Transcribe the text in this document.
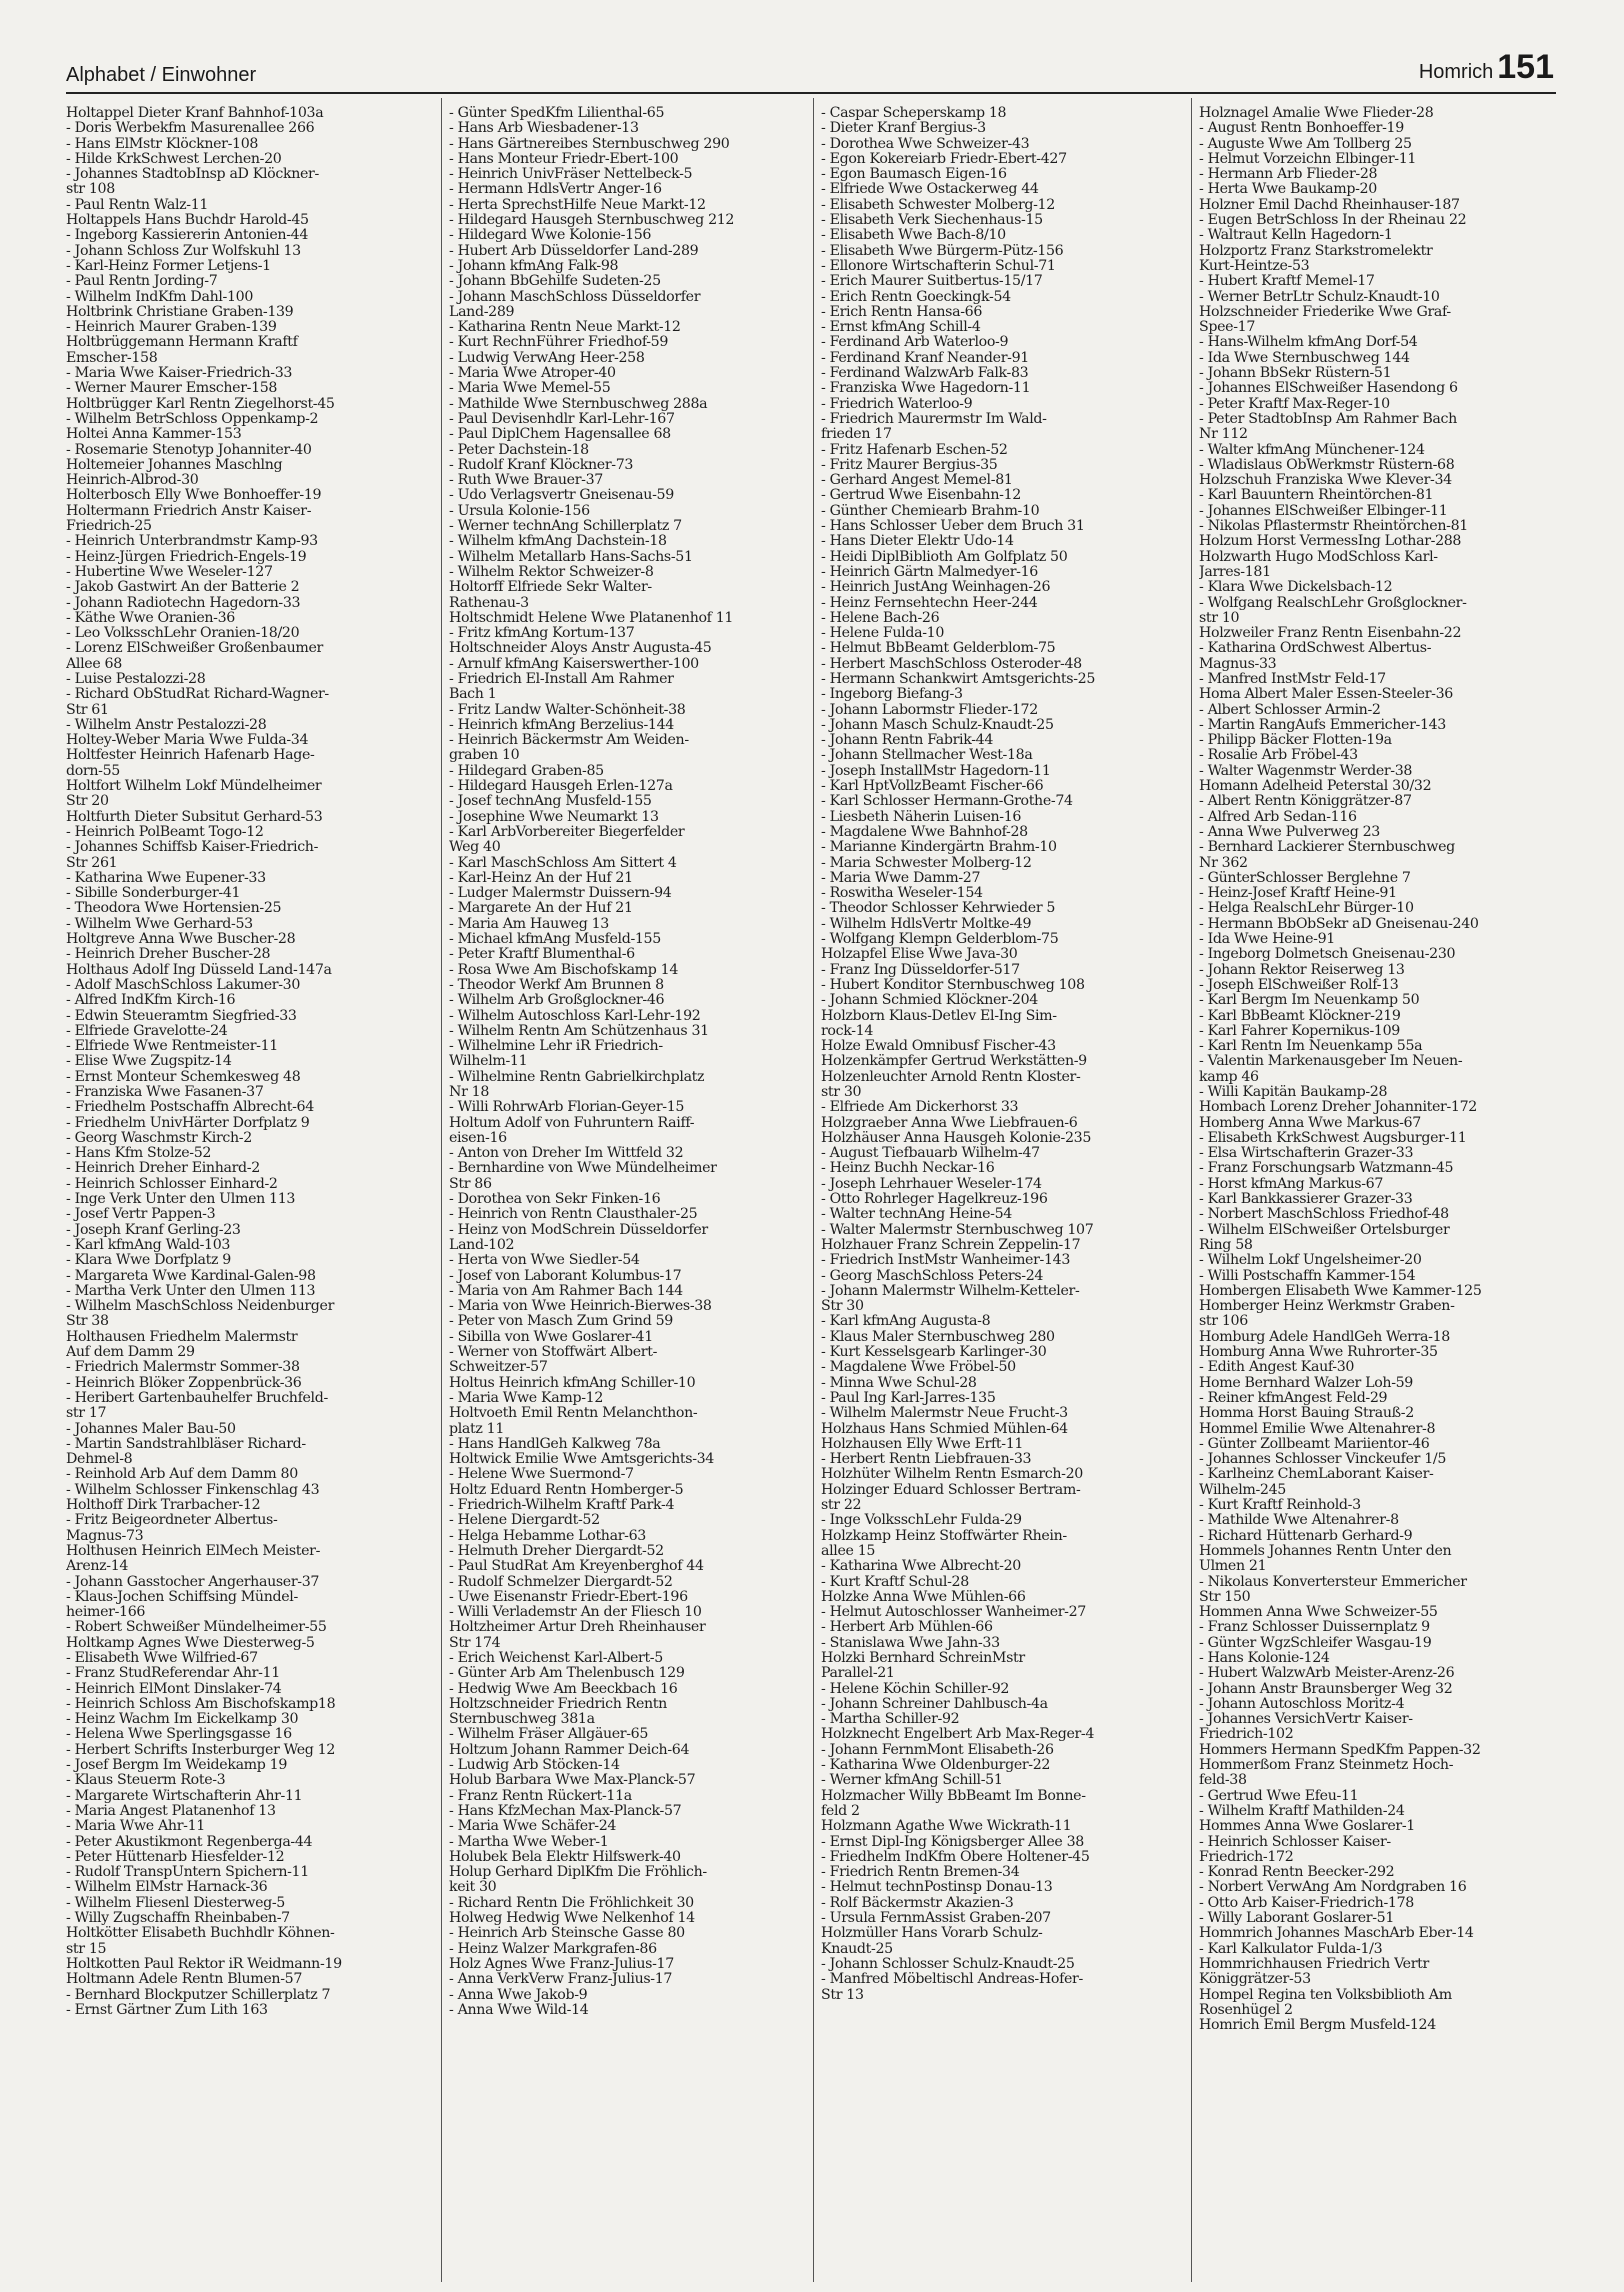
Alphabet / Einwohner	Homrich 151
Holtappel Dieter Kranf Bahnhof-103a
- Doris Werbekfm Masurenallee 266
- Hans ElMstr Klöckner-108
- Hilde KrkSchwest Lerchen-20
- Johannes StadtobInsp aD Klöckner-
str 108
- Paul Rentn Walz-11
Holtappels Hans Buchdr Harold-45
- Ingeborg Kassiererin Antonien-44
- Johann Schloss Zur Wolfskuhl 13
- Karl-Heinz Former Letjens-1
- Paul Rentn Jording-7
- Wilhelm IndKfm Dahl-100
Holtbrink Christiane Graben-139
- Heinrich Maurer Graben-139
Holtbrüggemann Hermann Kraftf
Emscher-158
- Maria Wwe Kaiser-Friedrich-33
- Werner Maurer Emscher-158
Holtbrügger Karl Rentn Ziegelhorst-45
- Wilhelm BetrSchloss Oppenkamp-2
Holtei Anna Kammer-153
- Rosemarie Stenotyp Johanniter-40
Holtemeier Johannes Maschlng
Heinrich-Albrod-30
Holterbosch Elly Wwe Bonhoeffer-19
Holtermann Friedrich Anstr Kaiser-
Friedrich-25
- Heinrich Unterbrandmstr Kamp-93
- Heinz-Jürgen Friedrich-Engels-19
- Hubertine Wwe Weseler-127
- Jakob Gastwirt An der Batterie 2
- Johann Radiotechn Hagedorn-33
- Käthe Wwe Oranien-36
- Leo VolksschLehr Oranien-18/20
- Lorenz ElSchweißer Großenbaumer
Allee 68
- Luise Pestalozzi-28
- Richard ObStudRat Richard-Wagner-
Str 61
- Wilhelm Anstr Pestalozzi-28
Holtey-Weber Maria Wwe Fulda-34
Holtfester Heinrich Hafenarb Hage-
dorn-55
Holtfort Wilhelm Lokf Mündelheimer
Str 20
Holtfurth Dieter Subsitut Gerhard-53
- Heinrich PolBeamt Togo-12
- Johannes Schiffsb Kaiser-Friedrich-
Str 261
- Katharina Wwe Eupener-33
- Sibille Sonderburger-41
- Theodora Wwe Hortensien-25
- Wilhelm Wwe Gerhard-53
Holtgreve Anna Wwe Buscher-28
- Heinrich Dreher Buscher-28
Holthaus Adolf Ing Düsseld Land-147a
- Adolf MaschSchloss Lakumer-30
- Alfred IndKfm Kirch-16
- Edwin Steueramtm Siegfried-33
- Elfriede Gravelotte-24
- Elfriede Wwe Rentmeister-11
- Elise Wwe Zugspitz-14
- Ernst Monteur Schemkesweg 48
- Franziska Wwe Fasanen-37
- Friedhelm Postschaffn Albrecht-64
- Friedhelm UnivHärter Dorfplatz 9
- Georg Waschmstr Kirch-2
- Hans Kfm Stolze-52
- Heinrich Dreher Einhard-2
- Heinrich Schlosser Einhard-2
- Inge Verk Unter den Ulmen 113
- Josef Vertr Pappen-3
- Joseph Kranf Gerling-23
- Karl kfmAng Wald-103
- Klara Wwe Dorfplatz 9
- Margareta Wwe Kardinal-Galen-98
- Martha Verk Unter den Ulmen 113
- Wilhelm MaschSchloss Neidenburger
Str 38
Holthausen Friedhelm Malermstr
Auf dem Damm 29
- Friedrich Malermstr Sommer-38
- Heinrich Blöker Zoppenbrück-36
- Heribert Gartenbauhelfer Bruchfeld-
str 17
- Johannes Maler Bau-50
- Martin Sandstrahlbläser Richard-
Dehmel-8
- Reinhold Arb Auf dem Damm 80
- Wilhelm Schlosser Finkenschlag 43
Holthoff Dirk Trarbacher-12
- Fritz Beigeordneter Albertus-
Magnus-73
Holthusen Heinrich ElMech Meister-
Arenz-14
- Johann Gasstocher Angerhauser-37
- Klaus-Jochen Schiffsing Mündel-
heimer-166
- Robert Schweißer Mündelheimer-55
Holtkamp Agnes Wwe Diesterweg-5
- Elisabeth Wwe Wilfried-67
- Franz StudReferendar Ahr-11
- Heinrich ElMont Dinslaker-74
- Heinrich Schloss Am Bischofskamp18
- Heinz Wachm Im Eickelkamp 30
- Helena Wwe Sperlingsgasse 16
- Herbert Schrifts Insterburger Weg 12
- Josef Bergm Im Weidekamp 19
- Klaus Steuerm Rote-3
- Margarete Wirtschafterin Ahr-11
- Maria Angest Platanenhof 13
- Maria Wwe Ahr-11
- Peter Akustikmont Regenberga-44
- Peter Hüttenarb Hiesfelder-12
- Rudolf TranspUntern Spichern-11
- Wilhelm ElMstr Harnack-36
- Wilhelm Fliesenl Diesterweg-5
- Willy Zugschaffn Rheinbaben-7
Holtkötter Elisabeth Buchhdlr Köhnen-
str 15
Holtkotten Paul Rektor iR Weidmann-19
Holtmann Adele Rentn Blumen-57
- Bernhard Blockputzer Schillerplatz 7
- Ernst Gärtner Zum Lith 163
- Günter SpedKfm Lilienthal-65
- Hans Arb Wiesbadener-13
- Hans Gärtnereibes Sternbuschweg 290
- Hans Monteur Friedr-Ebert-100
- Heinrich UnivFräser Nettelbeck-5
- Hermann HdlsVertr Anger-16
- Herta SprechstHilfe Neue Markt-12
- Hildegard Hausgeh Sternbuschweg 212
- Hildegard Wwe Kolonie-156
- Hubert Arb Düsseldorfer Land-289
- Johann kfmAng Falk-98
- Johann BbGehilfe Sudeten-25
- Johann MaschSchloss Düsseldorfer
Land-289
- Katharina Rentn Neue Markt-12
- Kurt RechnFührer Friedhof-59
- Ludwig VerwAng Heer-258
- Maria Wwe Atroper-40
- Maria Wwe Memel-55
- Mathilde Wwe Sternbuschweg 288a
- Paul Devisenhdlr Karl-Lehr-167
- Paul DiplChem Hagensallee 68
- Peter Dachstein-18
- Rudolf Kranf Klöckner-73
- Ruth Wwe Brauer-37
- Udo Verlagsvertr Gneisenau-59
- Ursula Kolonie-156
- Werner technAng Schillerplatz 7
- Wilhelm kfmAng Dachstein-18
- Wilhelm Metallarb Hans-Sachs-51
- Wilhelm Rektor Schweizer-8
Holtorff Elfriede Sekr Walter-
Rathenau-3
Holtschmidt Helene Wwe Platanenhof 11
- Fritz kfmAng Kortum-137
Holtschneider Aloys Anstr Augusta-45
- Arnulf kfmAng Kaiserswerther-100
- Friedrich El-Install Am Rahmer
Bach 1
- Fritz Landw Walter-Schönheit-38
- Heinrich kfmAng Berzelius-144
- Heinrich Bäckermstr Am Weiden-
graben 10
- Hildegard Graben-85
- Hildegard Hausgeh Erlen-127a
- Josef technAng Musfeld-155
- Josephine Wwe Neumarkt 13
- Karl ArbVorbereiter Biegerfelder
Weg 40
- Karl MaschSchloss Am Sittert 4
- Karl-Heinz An der Huf 21
- Ludger Malermstr Duissern-94
- Margarete An der Huf 21
- Maria Am Hauweg 13
- Michael kfmAng Musfeld-155
- Peter Kraftf Blumenthal-6
- Rosa Wwe Am Bischofskamp 14
- Theodor Werkf Am Brunnen 8
- Wilhelm Arb Großglockner-46
- Wilhelm Autoschloss Karl-Lehr-192
- Wilhelm Rentn Am Schützenhaus 31
- Wilhelmine Lehr iR Friedrich-
Wilhelm-11
- Wilhelmine Rentn Gabrielkirchplatz
Nr 18
- Willi RohrwArb Florian-Geyer-15
Holtum Adolf von Fuhruntern Raiff-
eisen-16
- Anton von Dreher Im Wittfeld 32
- Bernhardine von Wwe Mündelheimer
Str 86
- Dorothea von Sekr Finken-16
- Heinrich von Rentn Clausthaler-25
- Heinz von ModSchrein Düsseldorfer
Land-102
- Herta von Wwe Siedler-54
- Josef von Laborant Kolumbus-17
- Maria von Am Rahmer Bach 144
- Maria von Wwe Heinrich-Bierwes-38
- Peter von Masch Zum Grind 59
- Sibilla von Wwe Goslarer-41
- Werner von Stoffwärt Albert-
Schweitzer-57
Holtus Heinrich kfmAng Schiller-10
- Maria Wwe Kamp-12
Holtvoeth Emil Rentn Melanchthon-
platz 11
- Hans HandlGeh Kalkweg 78a
Holtwick Emilie Wwe Amtsgerichts-34
- Helene Wwe Suermond-7
Holtz Eduard Rentn Homberger-5
- Friedrich-Wilhelm Kraftf Park-4
- Helene Diergardt-52
- Helga Hebamme Lothar-63
- Helmuth Dreher Diergardt-52
- Paul StudRat Am Kreyenberghof 44
- Rudolf Schmelzer Diergardt-52
- Uwe Eisenanstr Friedr-Ebert-196
- Willi Verlademstr An der Fliesch 10
Holtzheimer Artur Dreh Rheinhauser
Str 174
- Erich Weichenst Karl-Albert-5
- Günter Arb Am Thelenbusch 129
- Hedwig Wwe Am Beeckbach 16
Holtzschneider Friedrich Rentn
Sternbuschweg 381a
- Wilhelm Fräser Allgäuer-65
Holtzum Johann Rammer Deich-64
- Ludwig Arb Stöcken-14
Holub Barbara Wwe Max-Planck-57
- Franz Rentn Rückert-11a
- Hans KfzMechan Max-Planck-57
- Maria Wwe Schäfer-24
- Martha Wwe Weber-1
Holubek Bela Elektr Hilfswerk-40
Holup Gerhard DiplKfm Die Fröhlich-
keit 30
- Richard Rentn Die Fröhlichkeit 30
Holweg Hedwig Wwe Nelkenhof 14
- Heinrich Arb Steinsche Gasse 80
- Heinz Walzer Markgrafen-86
Holz Agnes Wwe Franz-Julius-17
- Anna VerkVerw Franz-Julius-17
- Anna Wwe Jakob-9
- Anna Wwe Wild-14
- Caspar Scheperskamp 18
- Dieter Kranf Bergius-3
- Dorothea Wwe Schweizer-43
- Egon Kokereiarb Friedr-Ebert-427
- Egon Baumasch Eigen-16
- Elfriede Wwe Ostackerweg 44
- Elisabeth Schwester Molberg-12
- Elisabeth Verk Siechenhaus-15
- Elisabeth Wwe Bach-8/10
- Elisabeth Wwe Bürgerm-Pütz-156
- Ellonore Wirtschafterin Schul-71
- Erich Maurer Suitbertus-15/17
- Erich Rentn Goeckingk-54
- Erich Rentn Hansa-66
- Ernst kfmAng Schill-4
- Ferdinand Arb Waterloo-9
- Ferdinand Kranf Neander-91
- Ferdinand WalzwArb Falk-83
- Franziska Wwe Hagedorn-11
- Friedrich Waterloo-9
- Friedrich Maurermstr Im Wald-
frieden 17
- Fritz Hafenarb Eschen-52
- Fritz Maurer Bergius-35
- Gerhard Angest Memel-81
- Gertrud Wwe Eisenbahn-12
- Günther Chemiearb Brahm-10
- Hans Schlosser Ueber dem Bruch 31
- Hans Dieter Elektr Udo-14
- Heidi DiplBiblioth Am Golfplatz 50
- Heinrich Gärtn Malmedyer-16
- Heinrich JustAng Weinhagen-26
- Heinz Fernsehtechn Heer-244
- Helene Bach-26
- Helene Fulda-10
- Helmut BbBeamt Gelderblom-75
- Herbert MaschSchloss Osteroder-48
- Hermann Schankwirt Amtsgerichts-25
- Ingeborg Biefang-3
- Johann Labormstr Flieder-172
- Johann Masch Schulz-Knaudt-25
- Johann Rentn Fabrik-44
- Johann Stellmacher West-18a
- Joseph InstallMstr Hagedorn-11
- Karl HptVollzBeamt Fischer-66
- Karl Schlosser Hermann-Grothe-74
- Liesbeth Näherin Luisen-16
- Magdalene Wwe Bahnhof-28
- Marianne Kindergärtn Brahm-10
- Maria Schwester Molberg-12
- Maria Wwe Damm-27
- Roswitha Weseler-154
- Theodor Schlosser Kehrwieder 5
- Wilhelm HdlsVertr Moltke-49
- Wolfgang Klempn Gelderblom-75
Holzapfel Elise Wwe Java-30
- Franz Ing Düsseldorfer-517
- Hubert Konditor Sternbuschweg 108
- Johann Schmied Klöckner-204
Holzborn Klaus-Detlev El-Ing Sim-
rock-14
Holze Ewald Omnibusf Fischer-43
Holzenkämpfer Gertrud Werkstätten-9
Holzenleuchter Arnold Rentn Kloster-
str 30
- Elfriede Am Dickerhorst 33
Holzgraeber Anna Wwe Liebfrauen-6
Holzhäuser Anna Hausgeh Kolonie-235
- August Tiefbauarb Wilhelm-47
- Heinz Buchh Neckar-16
- Joseph Lehrhauer Weseler-174
- Otto Rohrleger Hagelkreuz-196
- Walter technAng Heine-54
- Walter Malermstr Sternbuschweg 107
Holzhauer Franz Schrein Zeppelin-17
- Friedrich InstMstr Wanheimer-143
- Georg MaschSchloss Peters-24
- Johann Malermstr Wilhelm-Ketteler-
Str 30
- Karl kfmAng Augusta-8
- Klaus Maler Sternbuschweg 280
- Kurt Kesselsgearb Karlinger-30
- Magdalene Wwe Fröbel-50
- Minna Wwe Schul-28
- Paul Ing Karl-Jarres-135
- Wilhelm Malermstr Neue Frucht-3
Holzhaus Hans Schmied Mühlen-64
Holzhausen Elly Wwe Erft-11
- Herbert Rentn Liebfrauen-33
Holzhüter Wilhelm Rentn Esmarch-20
Holzinger Eduard Schlosser Bertram-
str 22
- Inge VolksschLehr Fulda-29
Holzkamp Heinz Stoffwärter Rhein-
allee 15
- Katharina Wwe Albrecht-20
- Kurt Kraftf Schul-28
Holzke Anna Wwe Mühlen-66
- Helmut Autoschlosser Wanheimer-27
- Herbert Arb Mühlen-66
- Stanislawa Wwe Jahn-33
Holzki Bernhard SchreinMstr
Parallel-21
- Helene Köchin Schiller-92
- Johann Schreiner Dahlbusch-4a
- Martha Schiller-92
Holzknecht Engelbert Arb Max-Reger-4
- Johann FernmMont Elisabeth-26
- Katharina Wwe Oldenburger-22
- Werner kfmAng Schill-51
Holzmacher Willy BbBeamt Im Bonne-
feld 2
Holzmann Agathe Wwe Wickrath-11
- Ernst Dipl-Ing Königsberger Allee 38
- Friedhelm IndKfm Obere Holtener-45
- Friedrich Rentn Bremen-34
- Helmut technPostinsp Donau-13
- Rolf Bäckermstr Akazien-3
- Ursula FernmAssist Graben-207
Holzmüller Hans Vorarb Schulz-
Knaudt-25
- Johann Schlosser Schulz-Knaudt-25
- Manfred Möbeltischl Andreas-Hofer-
Str 13
Holznagel Amalie Wwe Flieder-28
- August Rentn Bonhoeffer-19
- Auguste Wwe Am Tollberg 25
- Helmut Vorzeichn Elbinger-11
- Hermann Arb Flieder-28
- Herta Wwe Baukamp-20
Holzner Emil Dachd Rheinhauser-187
- Eugen BetrSchloss In der Rheinau 22
- Waltraut Kelln Hagedorn-1
Holzportz Franz Starkstromelektr
Kurt-Heintze-53
- Hubert Kraftf Memel-17
- Werner BetrLtr Schulz-Knaudt-10
Holzschneider Friederike Wwe Graf-
Spee-17
- Hans-Wilhelm kfmAng Dorf-54
- Ida Wwe Sternbuschweg 144
- Johann BbSekr Rüstern-51
- Johannes ElSchweißer Hasendong 6
- Peter Kraftf Max-Reger-10
- Peter StadtobInsp Am Rahmer Bach
Nr 112
- Walter kfmAng Münchener-124
- Wladislaus ObWerkmstr Rüstern-68
Holzschuh Franziska Wwe Klever-34
- Karl Bauuntern Rheintörchen-81
- Johannes ElSchweißer Elbinger-11
- Nikolas Pflastermstr Rheintörchen-81
Holzum Horst VermessIng Lothar-288
Holzwarth Hugo ModSchloss Karl-
Jarres-181
- Klara Wwe Dickelsbach-12
- Wolfgang RealschLehr Großglockner-
str 10
Holzweiler Franz Rentn Eisenbahn-22
- Katharina OrdSchwest Albertus-
Magnus-33
- Manfred InstMstr Feld-17
Homa Albert Maler Essen-Steeler-36
- Albert Schlosser Armin-2
- Martin RangAufs Emmericher-143
- Philipp Bäcker Flotten-19a
- Rosalie Arb Fröbel-43
- Walter Wagenmstr Werder-38
Homann Adelheid Peterstal 30/32
- Albert Rentn Königgrätzer-87
- Alfred Arb Sedan-116
- Anna Wwe Pulverweg 23
- Bernhard Lackierer Sternbuschweg
Nr 362
- GünterSchlosser Berglehne 7
- Heinz-Josef Kraftf Heine-91
- Helga RealschLehr Bürger-10
- Hermann BbObSekr aD Gneisenau-240
- Ida Wwe Heine-91
- Ingeborg Dolmetsch Gneisenau-230
- Johann Rektor Reiserweg 13
- Joseph ElSchweißer Rolf-13
- Karl Bergm Im Neuenkamp 50
- Karl BbBeamt Klöckner-219
- Karl Fahrer Kopernikus-109
- Karl Rentn Im Neuenkamp 55a
- Valentin Markenausgeber Im Neuen-
kamp 46
- Willi Kapitän Baukamp-28
Hombach Lorenz Dreher Johanniter-172
Homberg Anna Wwe Markus-67
- Elisabeth KrkSchwest Augsburger-11
- Elsa Wirtschafterin Grazer-33
- Franz Forschungsarb Watzmann-45
- Horst kfmAng Markus-67
- Karl Bankkassierer Grazer-33
- Norbert MaschSchloss Friedhof-48
- Wilhelm ElSchweißer Ortelsburger
Ring 58
- Wilhelm Lokf Ungelsheimer-20
- Willi Postschaffn Kammer-154
Hombergen Elisabeth Wwe Kammer-125
Homberger Heinz Werkmstr Graben-
str 106
Homburg Adele HandlGeh Werra-18
Homburg Anna Wwe Ruhrorter-35
- Edith Angest Kauf-30
Home Bernhard Walzer Loh-59
- Reiner kfmAngest Feld-29
Homma Horst Bauing Strauß-2
Hommel Emilie Wwe Altenahrer-8
- Günter Zollbeamt Mariientor-46
- Johannes Schlosser Vinckeufer 1/5
- Karlheinz ChemLaborant Kaiser-
Wilhelm-245
- Kurt Kraftf Reinhold-3
- Mathilde Wwe Altenahrer-8
- Richard Hüttenarb Gerhard-9
Hommels Johannes Rentn Unter den
Ulmen 21
- Nikolaus Konvertersteur Emmericher
Str 150
Hommen Anna Wwe Schweizer-55
- Franz Schlosser Duissernplatz 9
- Günter WgzSchleifer Wasgau-19
- Hans Kolonie-124
- Hubert WalzwArb Meister-Arenz-26
- Johann Anstr Braunsberger Weg 32
- Johann Autoschloss Moritz-4
- Johannes VersichVertr Kaiser-
Friedrich-102
Hommers Hermann SpedKfm Pappen-32
Hommerßom Franz Steinmetz Hoch-
feld-38
- Gertrud Wwe Efeu-11
- Wilhelm Kraftf Mathilden-24
Hommes Anna Wwe Goslarer-1
- Heinrich Schlosser Kaiser-
Friedrich-172
- Konrad Rentn Beecker-292
- Norbert VerwAng Am Nordgraben 16
- Otto Arb Kaiser-Friedrich-178
- Willy Laborant Goslarer-51
Hommrich Johannes MaschArb Eber-14
- Karl Kalkulator Fulda-1/3
Hommrichhausen Friedrich Vertr
Königgrätzer-53
Hompel Regina ten Volksbiblioth Am
Rosenhügel 2
Homrich Emil Bergm Musfeld-124
